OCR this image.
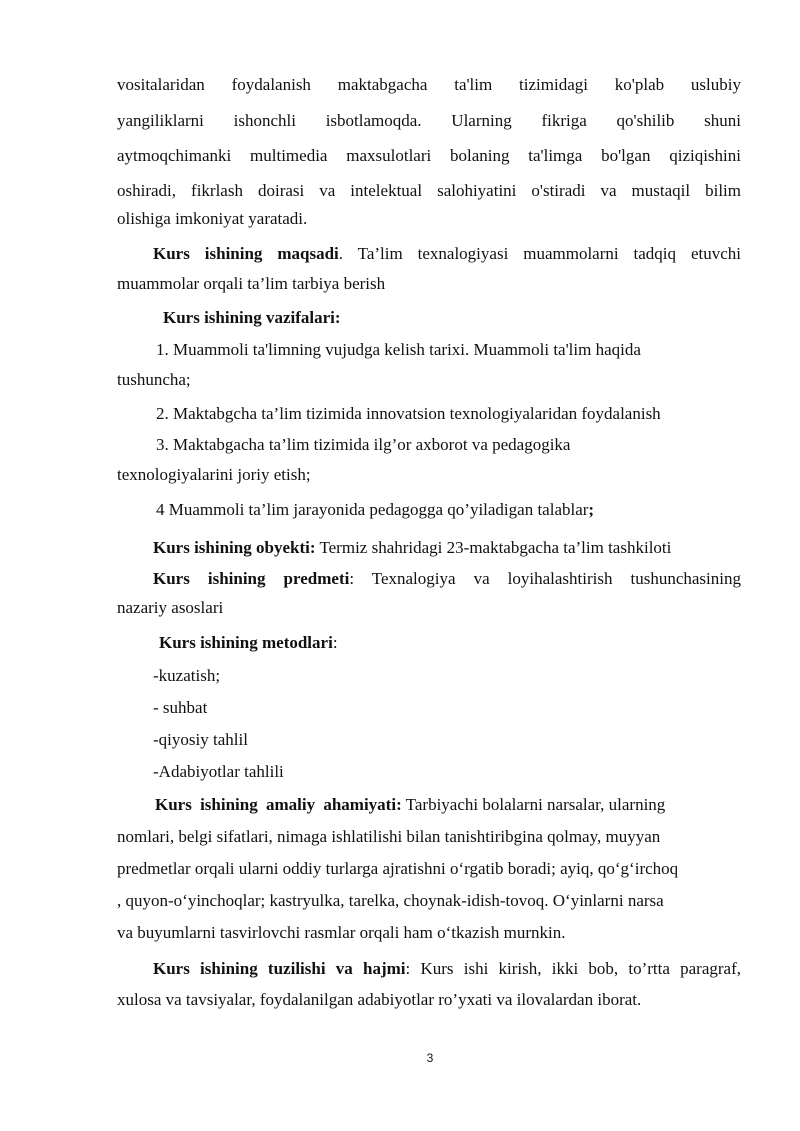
vositalaridan foydalanish maktabgacha ta'lim tizimidagi ko'plab uslubiy
yangiliklarni ishonchli isbotlamoqda. Ularning fikriga qo'shilib shuni
aytmoqchimanki multimedia maxsulotlari bolaning ta'limga bo'lgan qiziqishini
oshiradi, fikrlash doirasi va intelektual salohiyatini o'stiradi va mustaqil bilim
olishiga imkoniyat yaratadi.
Kurs ishining maqsadi. Ta’lim texnalogiyasi muammolarni tadqiq etuvchi
muammolar orqali ta’lim tarbiya berish
Kurs ishining vazifalari:
1. Muammoli ta'limning vujudga kelish tarixi. Muammoli ta'lim haqida
tushuncha;
2. Maktabgcha ta’lim tizimida innovatsion texnologiyalaridan foydalanish
3. Maktabgacha ta’lim tizimida ilg’or axborot va pedagogika
texnologiyalarini joriy etish;
4 Muammoli ta’lim jarayonida pedagogga qo’yiladigan talablar;
Kurs ishining obyekti: Termiz shahridagi 23-maktabgacha ta’lim tashkiloti
Kurs ishining predmeti: Texnalogiya va loyihalashtirish tushunchasining
nazariy asoslari
Kurs ishining metodlari:
-kuzatish;
- suhbat
-qiyosiy tahlil
-Adabiyotlar tahlili
Kurs ishining amaliy ahamiyati: Tarbiyachi bolalarni narsalar, ularning
nomlari, belgi sifatlari, nimaga ishlatilishi bilan tanishtiribgina qolmay, muyyan
predmetlar orqali ularni oddiy turlarga ajratishni o‘rgatib boradi; ayiq, qo‘g‘irchoq
, quyon-o‘yinchoqlar; kastryulka, tarelka, choynak-idish-tovoq. O‘yinlarni narsa
va buyumlarni tasvirlovchi rasmlar orqali ham o‘tkazish murnkin.
Kurs ishining tuzilishi va hajmi: Kurs ishi kirish, ikki bob, to’rtta paragraf,
xulosa va tavsiyalar, foydalanilgan adabiyotlar ro’yxati va ilovalardan iborat.
3
